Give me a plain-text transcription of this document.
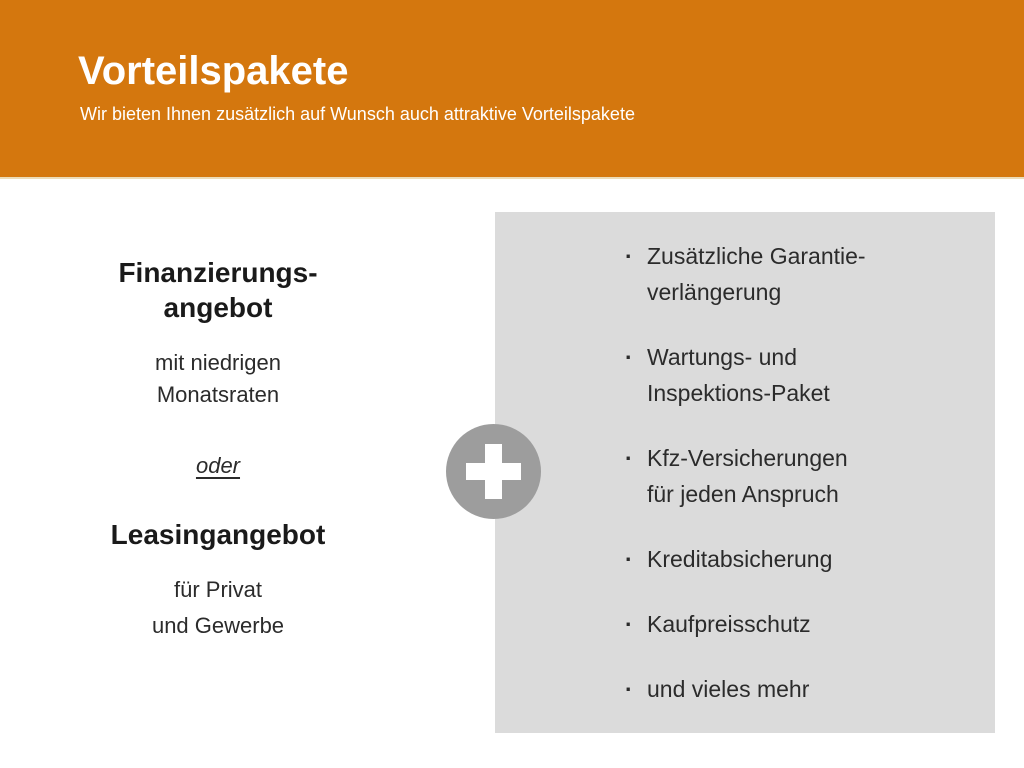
Vorteilspakete

Wir bieten Ihnen zusätzlich auf Wunsch auch attraktive Vorteilspakete

Finanzierungs-
angebot

mit niedrigen
Monatsraten

oder

Leasingangebot

für Privat
und Gewerbe

· Zusätzliche Garantie-
verlängerung
· Wartungs- und
Inspektions-Paket
· Kfz-Versicherungen
für jeden Anspruch
· Kreditabsicherung
· Kaufpreisschutz
· und vieles mehr
